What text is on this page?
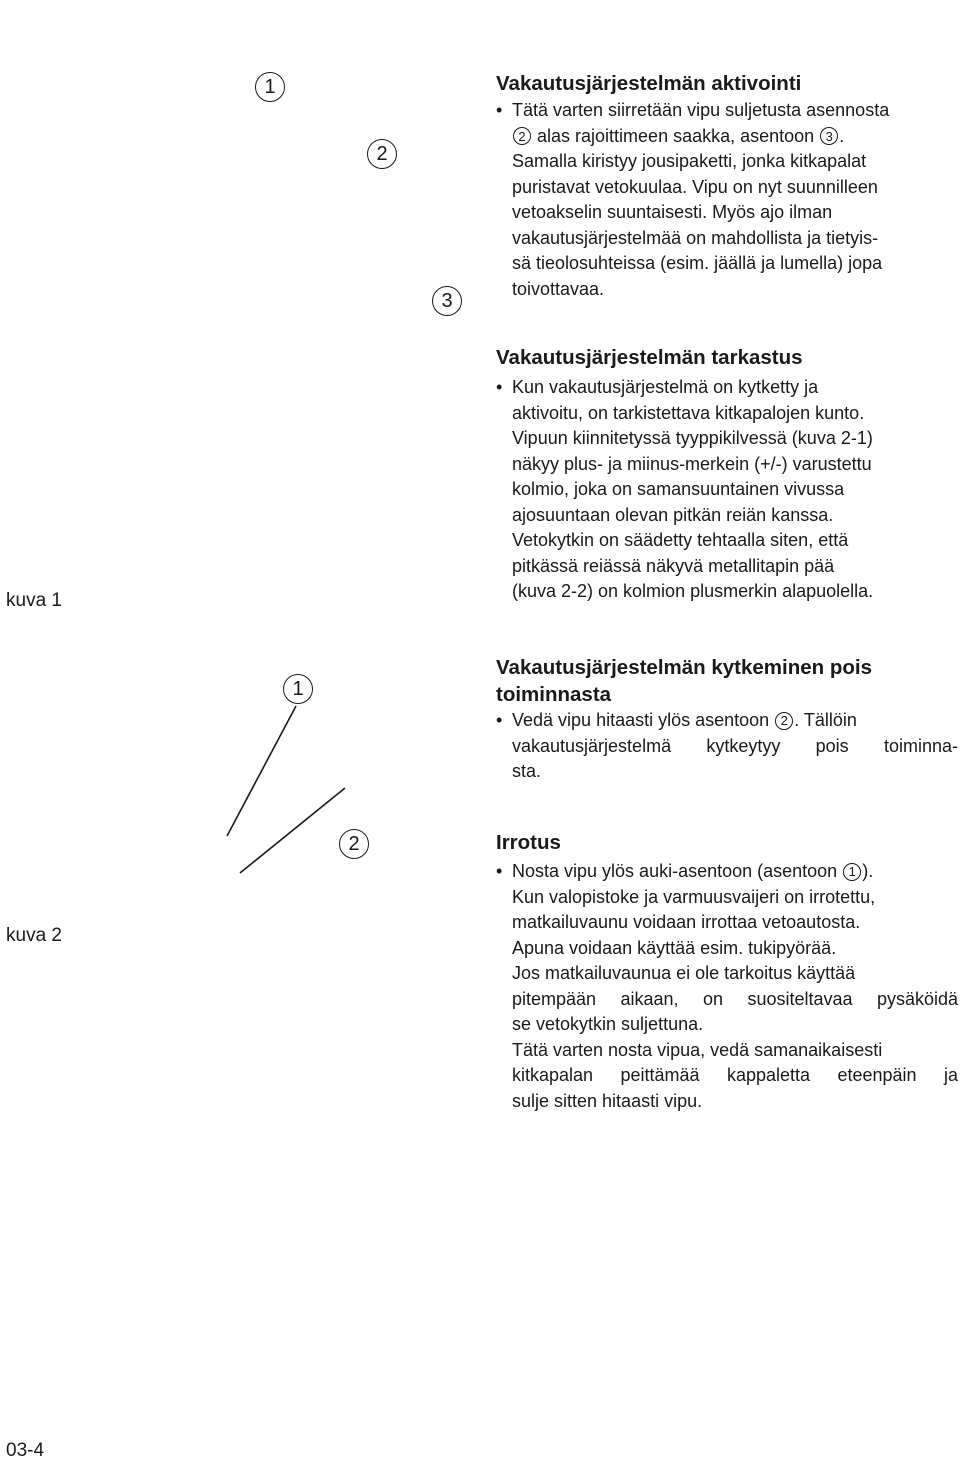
1
2
3
kuva 1
1
2
kuva 2
Vakautusjärjestelmän aktivointi
• Tätä varten siirretään vipu suljetusta asennosta
2 alas rajoittimeen saakka, asentoon 3 .
Samalla kiristyy jousipaketti, jonka kitkapalat
puristavat vetokuulaa. Vipu on nyt suunnilleen
vetoakselin suuntaisesti. Myös ajo ilman
vakautusjärjestelmää on mahdollista ja tietyis-
sä tieolosuhteissa (esim. jäällä ja lumella) jopa
toivottavaa.
Vakautusjärjestelmän tarkastus
• Kun vakautusjärjestelmä on kytketty ja
aktivoitu, on tarkistettava kitkapalojen kunto.
Vipuun kiinnitetyssä tyyppikilvessä (kuva 2-1)
näkyy plus- ja miinus-merkein (+/-) varustettu
kolmio, joka on samansuuntainen vivussa
ajosuuntaan olevan pitkän reiän kanssa.
Vetokytkin on säädetty tehtaalla siten, että
pitkässä reiässä näkyvä metallitapin pää
(kuva 2-2) on kolmion plusmerkin alapuolella.
Vakautusjärjestelmän kytkeminen pois
toiminnasta
• Vedä vipu hitaasti ylös asentoon 2 . Tällöin
vakautusjärjestelmä kytkeytyy pois toiminna-
sta.
Irrotus
• Nosta vipu ylös auki-asentoon (asentoon 1 ).
Kun valopistoke ja varmuusvaijeri on irrotettu,
matkailuvaunu voidaan irrottaa vetoautosta.
Apuna voidaan käyttää esim. tukipyörää.
Jos matkailuvaunua ei ole tarkoitus käyttää
pitempään aikaan, on suositeltavaa pysäköidä
se vetokytkin suljettuna.
Tätä varten nosta vipua, vedä samanaikaisesti
kitkapalan peittämää kappaletta eteenpäin ja
sulje sitten hitaasti vipu.
03-4
